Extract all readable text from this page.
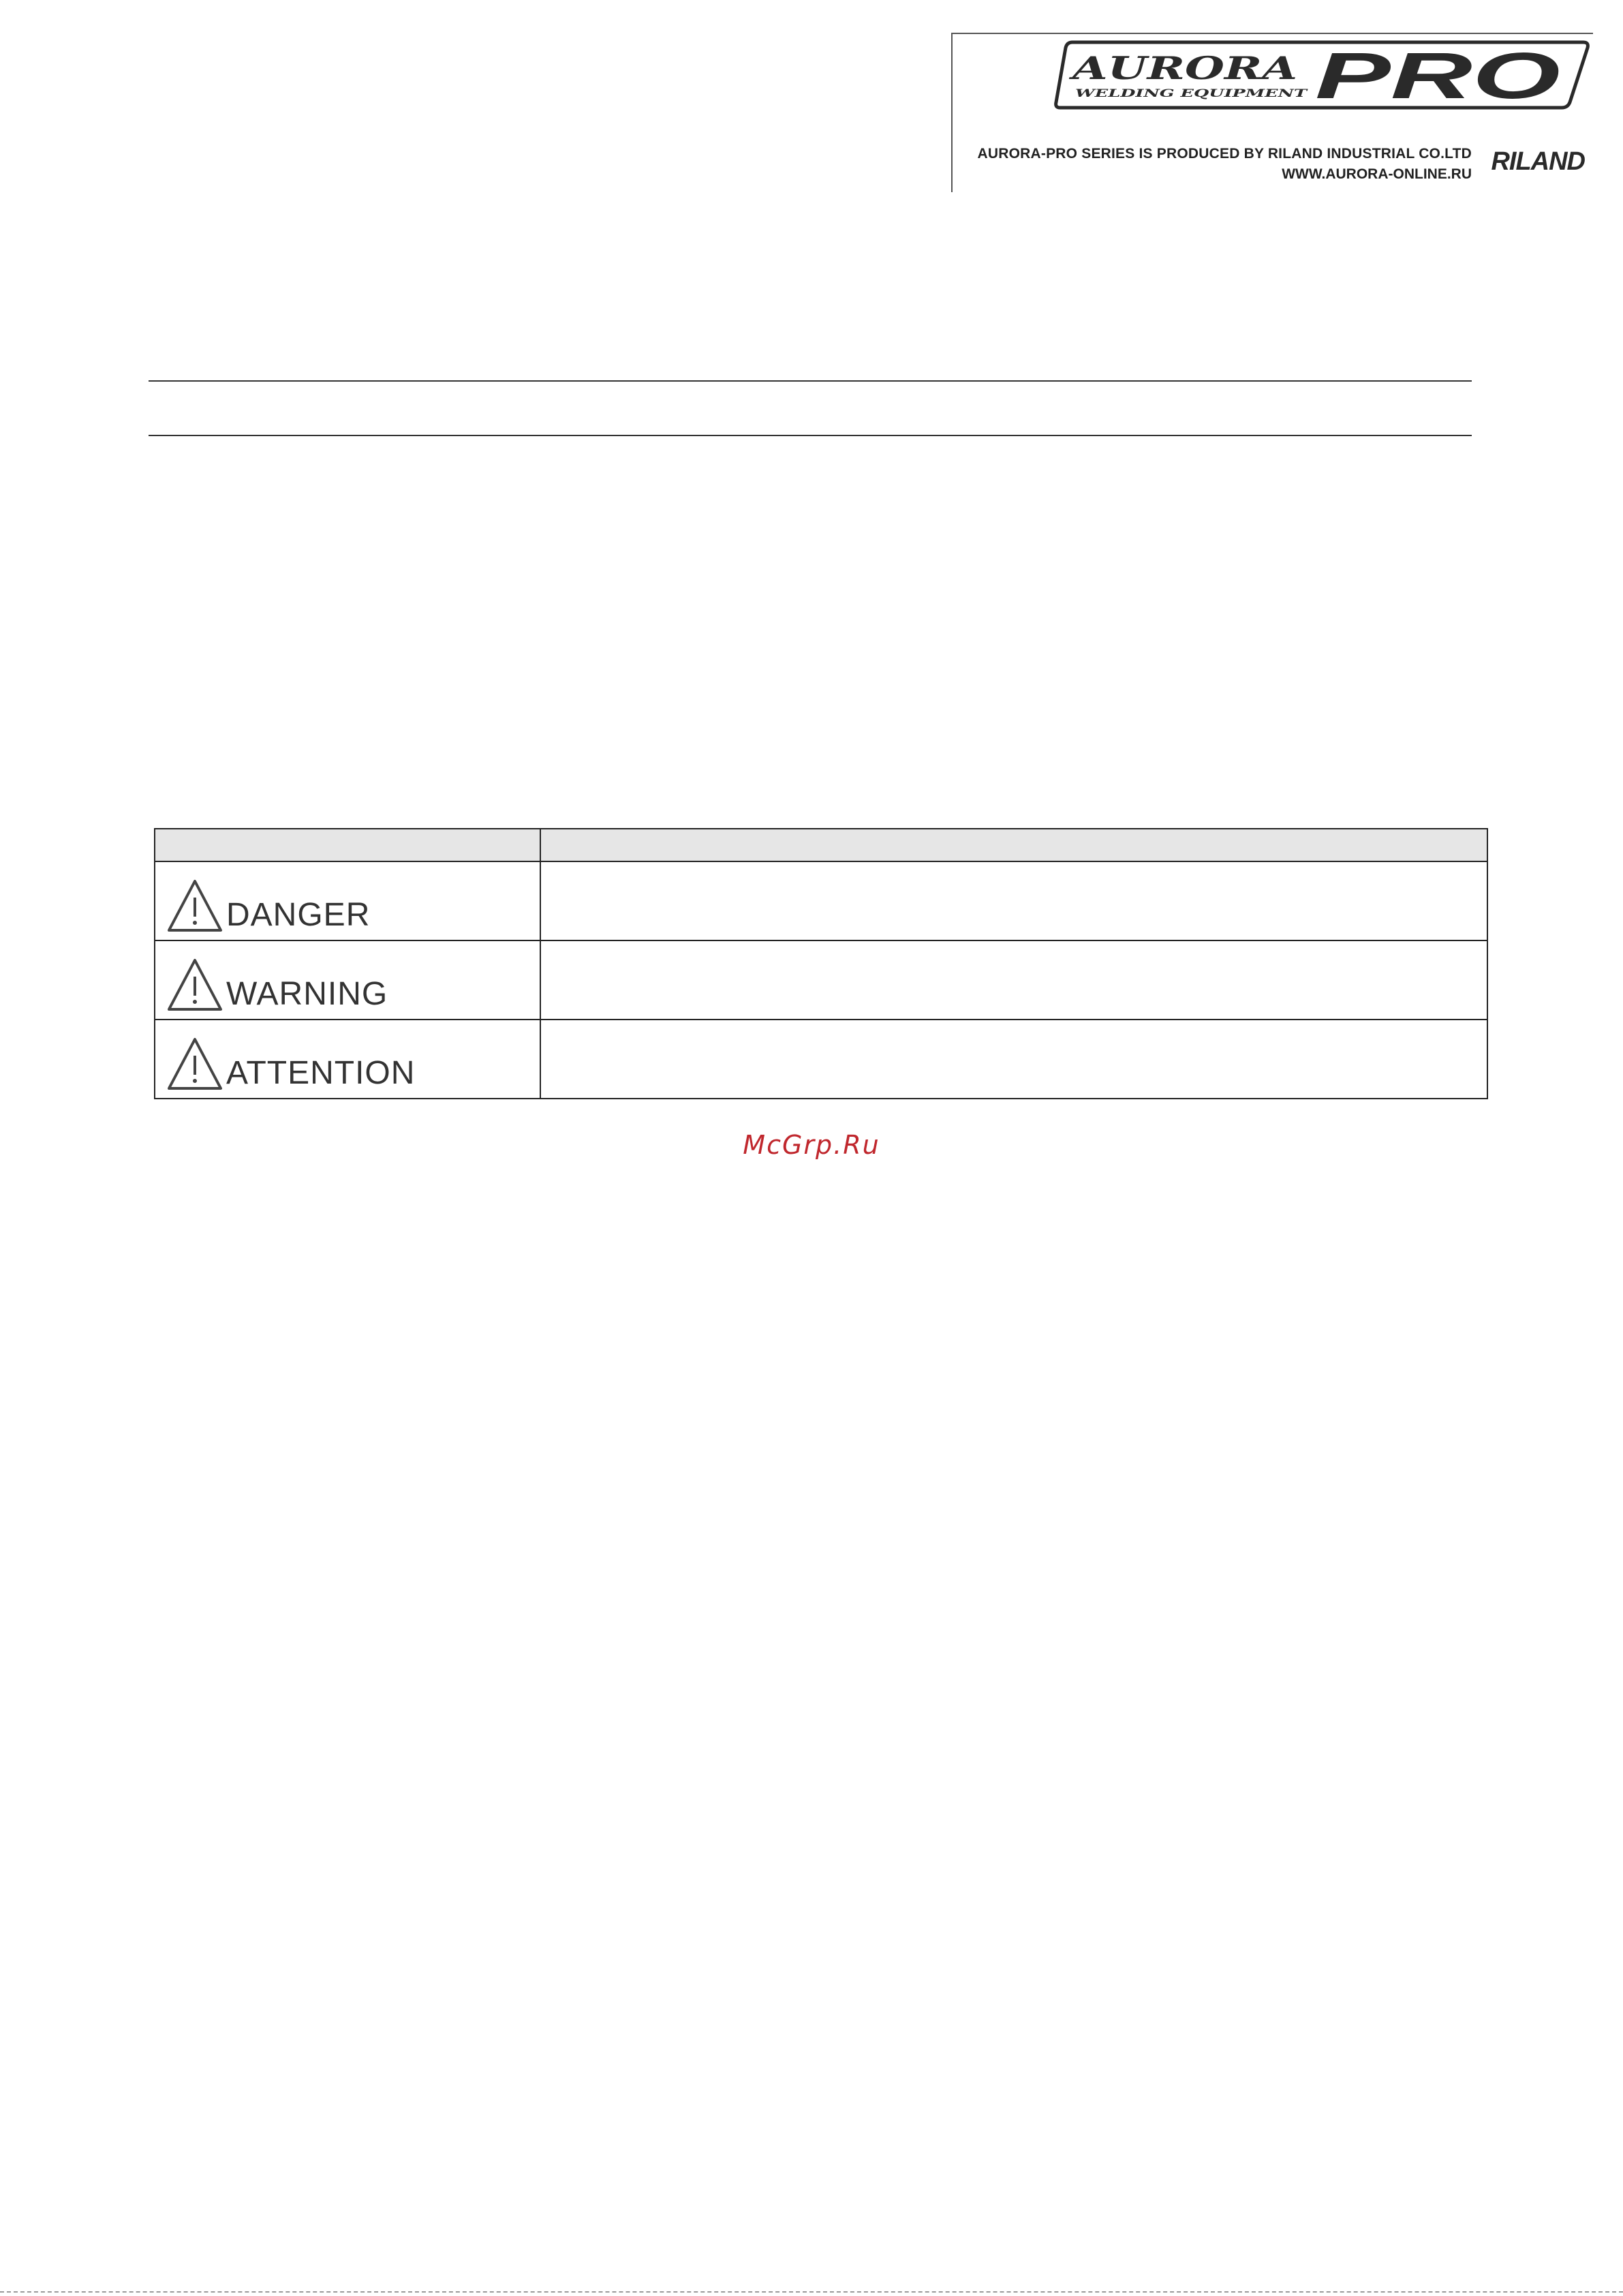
AURORA
WELDING EQUIPMENT PRO
AURORA-PRO SERIES IS PRODUCED BY RILAND INDUSTRIAL CO.LTD
WWW.AURORA-ONLINE.RU RILAND

DANGER	

WARNING	

ATTENTION	

McGrp.Ru
